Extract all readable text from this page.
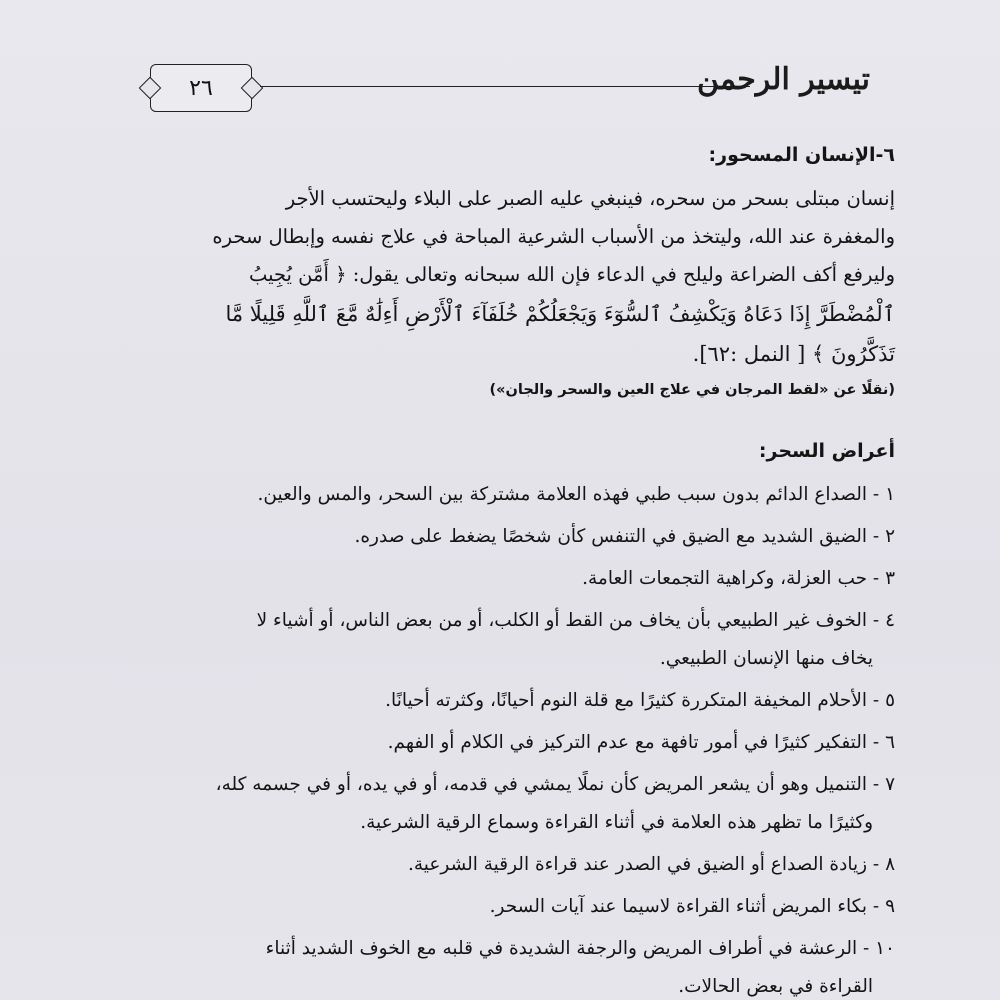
٢٦	تيسير الرحمن
٦-الإنسان المسحور:

إنسان مبتلى بسحر من سحره، فينبغي عليه الصبر على البلاء وليحتسب الأجر

والمغفرة عند الله، وليتخذ من الأسباب الشرعية المباحة في علاج نفسه وإبطال سحره

وليرفع أكف الضراعة وليلح في الدعاء فإن الله سبحانه وتعالى يقول: ﴿ أَمَّن يُجِيبُ

ٱلْمُضْطَرَّ إِذَا دَعَاهُ وَيَكْشِفُ ٱلسُّوٓءَ وَيَجْعَلُكُمْ خُلَفَآءَ ٱلْأَرْضِ أَءِلَٰهٌ مَّعَ ٱللَّهِ قَلِيلًا مَّا

تَذَكَّرُونَ ﴾ [ النمل :٦٢].

(نقلًا عن «لقط المرجان في علاج العين والسحر والجان»)
أعراض السحر:
١ - الصداع الدائم بدون سبب طبي فهذه العلامة مشتركة بين السحر، والمس والعين.
٢ - الضيق الشديد مع الضيق في التنفس كأن شخصًا يضغط على صدره.
٣ - حب العزلة، وكراهية التجمعات العامة.
٤ - الخوف غير الطبيعي بأن يخاف من القط أو الكلب، أو من بعض الناس، أو أشياء لا
يخاف منها الإنسان الطبيعي.
٥ - الأحلام المخيفة المتكررة كثيرًا مع قلة النوم أحيانًا، وكثرته أحيانًا.
٦ - التفكير كثيرًا في أمور تافهة مع عدم التركيز في الكلام أو الفهم.
٧ - التنميل وهو أن يشعر المريض كأن نملًا يمشي في قدمه، أو في يده، أو في جسمه كله،
وكثيرًا ما تظهر هذه العلامة في أثناء القراءة وسماع الرقية الشرعية.
٨ - زيادة الصداع أو الضيق في الصدر عند قراءة الرقية الشرعية.
٩ - بكاء المريض أثناء القراءة لاسيما عند آيات السحر.
١٠ - الرعشة في أطراف المريض والرجفة الشديدة في قلبه مع الخوف الشديد أثناء
القراءة في بعض الحالات.
